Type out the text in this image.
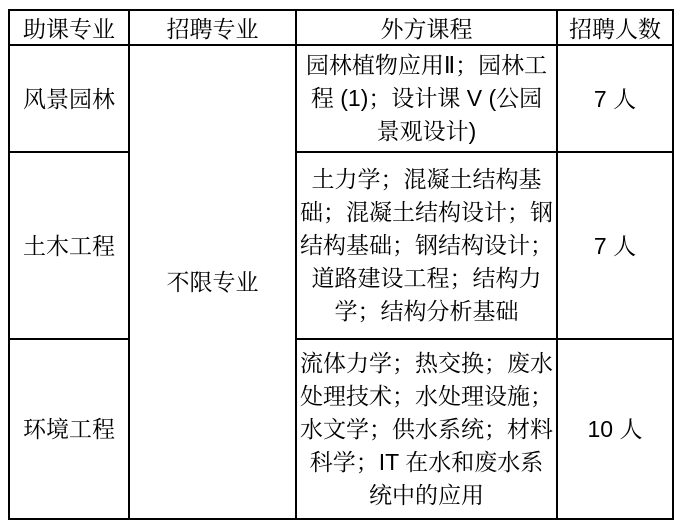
助课专业	招聘专业	外方课程	招聘人数
风景园林	不限专业	园林植物应用Ⅱ；园林工程 (1)；设计课 V (公园景观设计)	7 人
土木工程		土力学；混凝土结构基础；混凝土结构设计；钢结构基础；钢结构设计；道路建设工程；结构力学；结构分析基础	7 人
环境工程		流体力学；热交换；废水处理技术；水处理设施；水文学；供水系统；材料科学；IT 在水和废水系统中的应用	10 人
